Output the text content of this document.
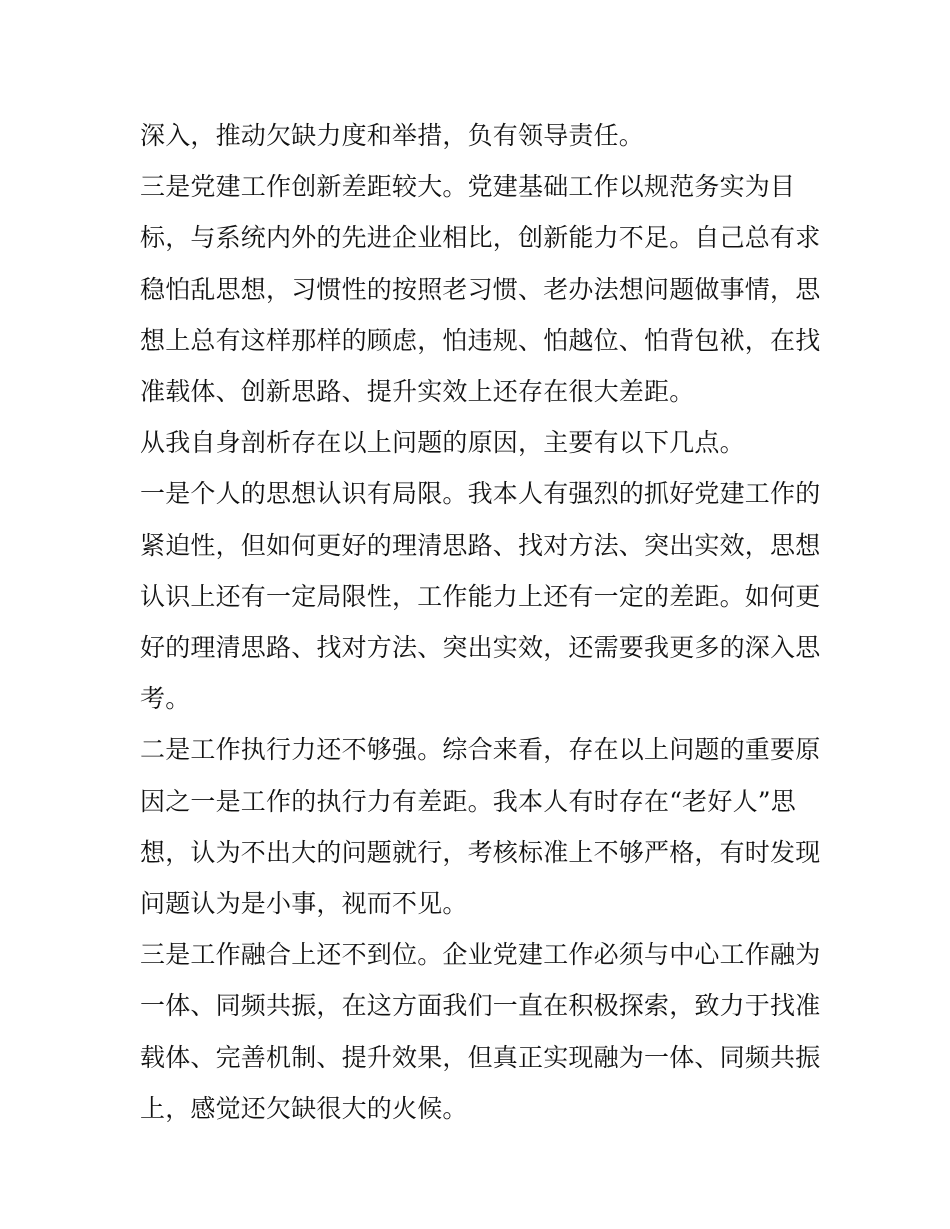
深入，推动欠缺力度和举措，负有领导责任。
三是党建工作创新差距较大。党建基础工作以规范务实为目
标，与系统内外的先进企业相比，创新能力不足。自己总有求
稳怕乱思想，习惯性的按照老习惯、老办法想问题做事情，思
想上总有这样那样的顾虑，怕违规、怕越位、怕背包袱，在找
准载体、创新思路、提升实效上还存在很大差距。
从我自身剖析存在以上问题的原因，主要有以下几点。
一是个人的思想认识有局限。我本人有强烈的抓好党建工作的
紧迫性，但如何更好的理清思路、找对方法、突出实效，思想
认识上还有一定局限性，工作能力上还有一定的差距。如何更
好的理清思路、找对方法、突出实效，还需要我更多的深入思
考。
二是工作执行力还不够强。综合来看，存在以上问题的重要原
因之一是工作的执行力有差距。我本人有时存在“老好人”思
想，认为不出大的问题就行，考核标准上不够严格，有时发现
问题认为是小事，视而不见。
三是工作融合上还不到位。企业党建工作必须与中心工作融为
一体、同频共振，在这方面我们一直在积极探索，致力于找准
载体、完善机制、提升效果，但真正实现融为一体、同频共振
上，感觉还欠缺很大的火候。
